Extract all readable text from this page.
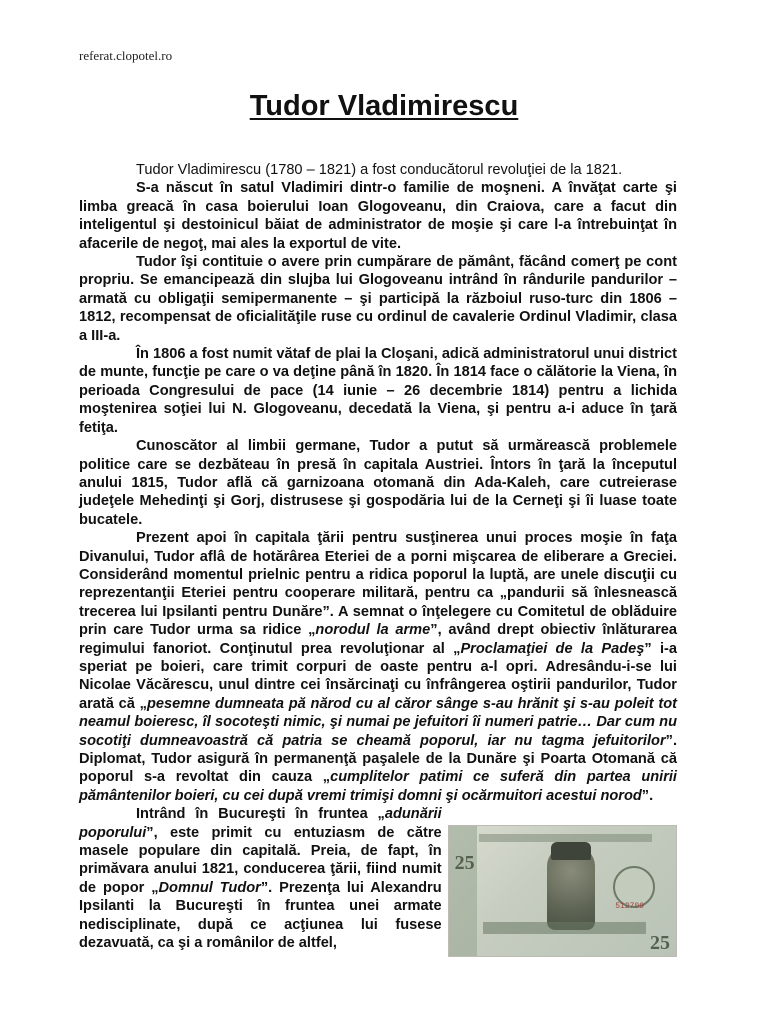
referat.clopotel.ro
Tudor Vladimirescu

Tudor Vladimirescu (1780 – 1821) a fost conducătorul revoluţiei de la 1821.

S-a născut în satul Vladimiri dintr-o familie de moşneni. A învăţat carte şi limba greacă în casa boierului Ioan Glogoveanu, din Craiova, care a facut din inteligentul şi destoinicul băiat de administrator de moşie şi care l-a întrebuinţat în afacerile de negoţ, mai ales la exportul de vite.

Tudor îşi contituie o avere prin cumpărare de pământ, făcând comerţ pe cont propriu. Se emancipează din slujba lui Glogoveanu intrând în rândurile pandurilor – armată cu obligaţii semipermanente – şi participă la războiul ruso-turc din 1806 – 1812, recompensat de oficialităţile ruse cu ordinul de cavalerie Ordinul Vladimir, clasa a III-a.

În 1806 a fost numit vătaf de plai la Cloşani, adică administratorul unui district de munte, funcţie pe care o va deţine până în 1820. În 1814 face o călătorie la Viena, în perioada Congresului de pace (14 iunie – 26 decembrie 1814) pentru a lichida moştenirea soţiei lui N. Glogoveanu, decedată la Viena, şi pentru a-i aduce în ţară fetiţa.

Cunoscător al limbii germane, Tudor a putut să urmărească problemele politice care se dezbăteau în presă în capitala Austriei. Întors în ţară la începutul anului 1815, Tudor află că garnizoana otomană din Ada-Kaleh, care cutreierase judeţele Mehedinţi şi Gorj, distrusese şi gospodăria lui de la Cerneţi şi îi luase toate bucatele.

Prezent apoi în capitala ţării pentru susţinerea unui proces moşie în faţa Divanului, Tudor aflâ de hotărârea Eteriei de a porni mişcarea de eliberare a Greciei. Considerând momentul prielnic pentru a ridica poporul la luptă, are unele discuţii cu reprezentanţii Eteriei pentru cooperare militară, pentru ca „pandurii să înlesnească trecerea lui Ipsilanti pentru Dunăre”. A semnat o înţelegere cu Comitetul de oblăduire prin care Tudor urma sa ridice „norodul la arme”, având drept obiectiv înlăturarea regimului fanoriot. Conţinutul prea revoluţionar al „Proclamaţiei de la Padeş” i-a speriat pe boieri, care trimit corpuri de oaste pentru a-l opri. Adresându-i-se lui Nicolae Văcărescu, unul dintre cei însărcinaţi cu înfrângerea oştirii pandurilor, Tudor arată că „pesemne dumneata pă nărod cu al căror sânge s-au hrănit şi s-au poleit tot neamul boieresc, îl socoteşti nimic, şi numai pe jefuitori îi numeri patrie… Dar cum nu socotiţi dumneavoastră că patria se cheamă poporul, iar nu tagma jefuitorilor”. Diplomat, Tudor asigură în permanenţă paşalele de la Dunăre şi Poarta Otomană că poporul s-a revoltat din cauza „cumplitelor patimi ce suferă din partea unirii pământenilor boieri, cu cei după vremi trimişi domni şi ocărmuitori acestui norod”.

Intrând în Bucureşti în fruntea „adunării poporului”, este primit cu entuziasm de către masele populare din capitală. Preia, de fapt, în primăvara anului 1821, conducerea ţării, fiind numit de popor „Domnul Tudor”. Prezenţa lui Alexandru Ipsilanti la Bucureşti în fruntea unei armate nedisciplinate, după ce acţiunea lui fusese dezavuată, ca şi a românilor de altfel,

25
512709
25
